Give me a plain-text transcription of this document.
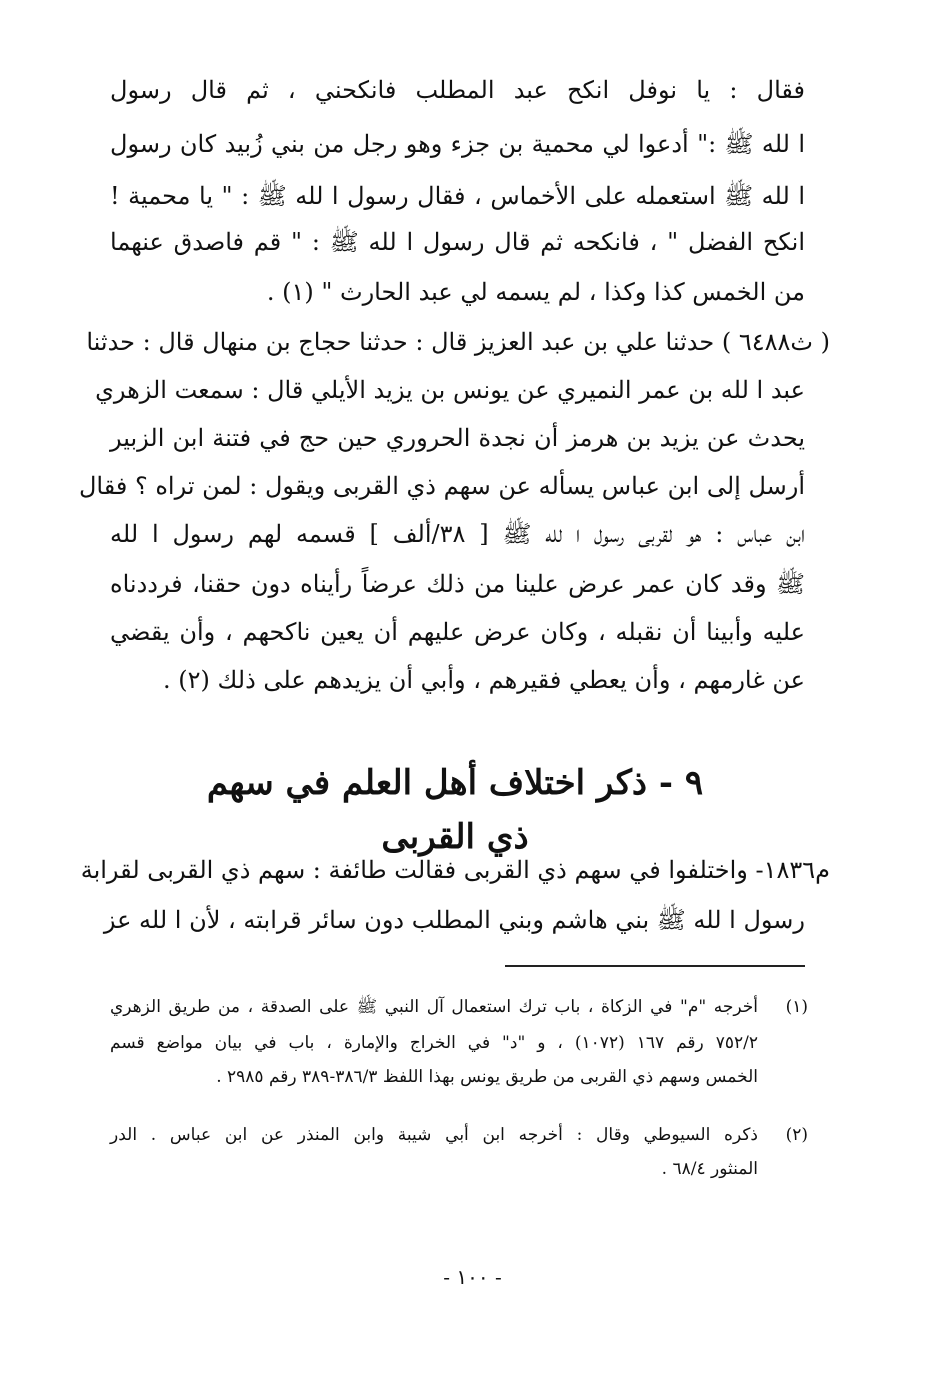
فقال : يا نوفل انكح عبد المطلب فانكحني ، ثم قال رسول
ا لله ﷺ :" أدعوا لي محمية بن جزء وهو رجل من بني زُبيد كان رسول
ا لله ﷺ استعمله على الأخماس ، فقال رسول ا لله ﷺ : " يا محمية !
انكح الفضل " ، فانكحه ثم قال رسول ا لله ﷺ : " قم فاصدق عنهما
من الخمس كذا وكذا ، لم يسمه لي عبد الحارث " (١) .
( ث٦٤٨٨ ) حدثنا علي بن عبد العزيز قال : حدثنا حجاج بن منهال قال : حدثنا
عبد ا لله بن عمر النميري عن يونس بن يزيد الأيلي قال : سمعت الزهري
يحدث عن يزيد بن هرمز أن نجدة الحروري حين حج في فتنة ابن الزبير
أرسل إلى ابن عباس يسأله عن سهم ذي القربى ويقول : لمن تراه ؟ فقال
ابن عباس : هو لقربى رسول ا لله ﷺ [ ٣٨/ألف ] قسمه لهم رسول ا لله
ﷺ وقد كان عمر عرض علينا من ذلك عرضاً رأيناه دون حقنا، فرددناه
عليه وأبينا أن نقبله ، وكان عرض عليهم أن يعين ناكحهم ، وأن يقضي
عن غارمهم ، وأن يعطي فقيرهم ، وأبي أن يزيدهم على ذلك (٢) .
٩ - ذكر اختلاف أهل العلم في سهم ذي القربى
م١٨٣٦- واختلفوا في سهم ذي القربى فقالت طائفة : سهم ذي القربى لقرابة
رسول ا لله ﷺ بني هاشم وبني المطلب دون سائر قرابته ، لأن ا لله عز
(١)
أخرجه "م" في الزكاة ، باب ترك استعمال آل النبي ﷺ على الصدقة ، من طريق الزهري
٧٥٢/٢ رقم ١٦٧ (١٠٧٢) ، و "د" في الخراج والإمارة ، باب في بيان مواضع قسم
الخمس وسهم ذي القربى من طريق يونس بهذا اللفظ ٣٨٦/٣-٣٨٩ رقم ٢٩٨٥ .
(٢)
ذكره السيوطي وقال : أخرجه ابن أبي شيبة وابن المنذر عن ابن عباس . الدر
المنثور ٦٨/٤ .
- ١٠٠ -
